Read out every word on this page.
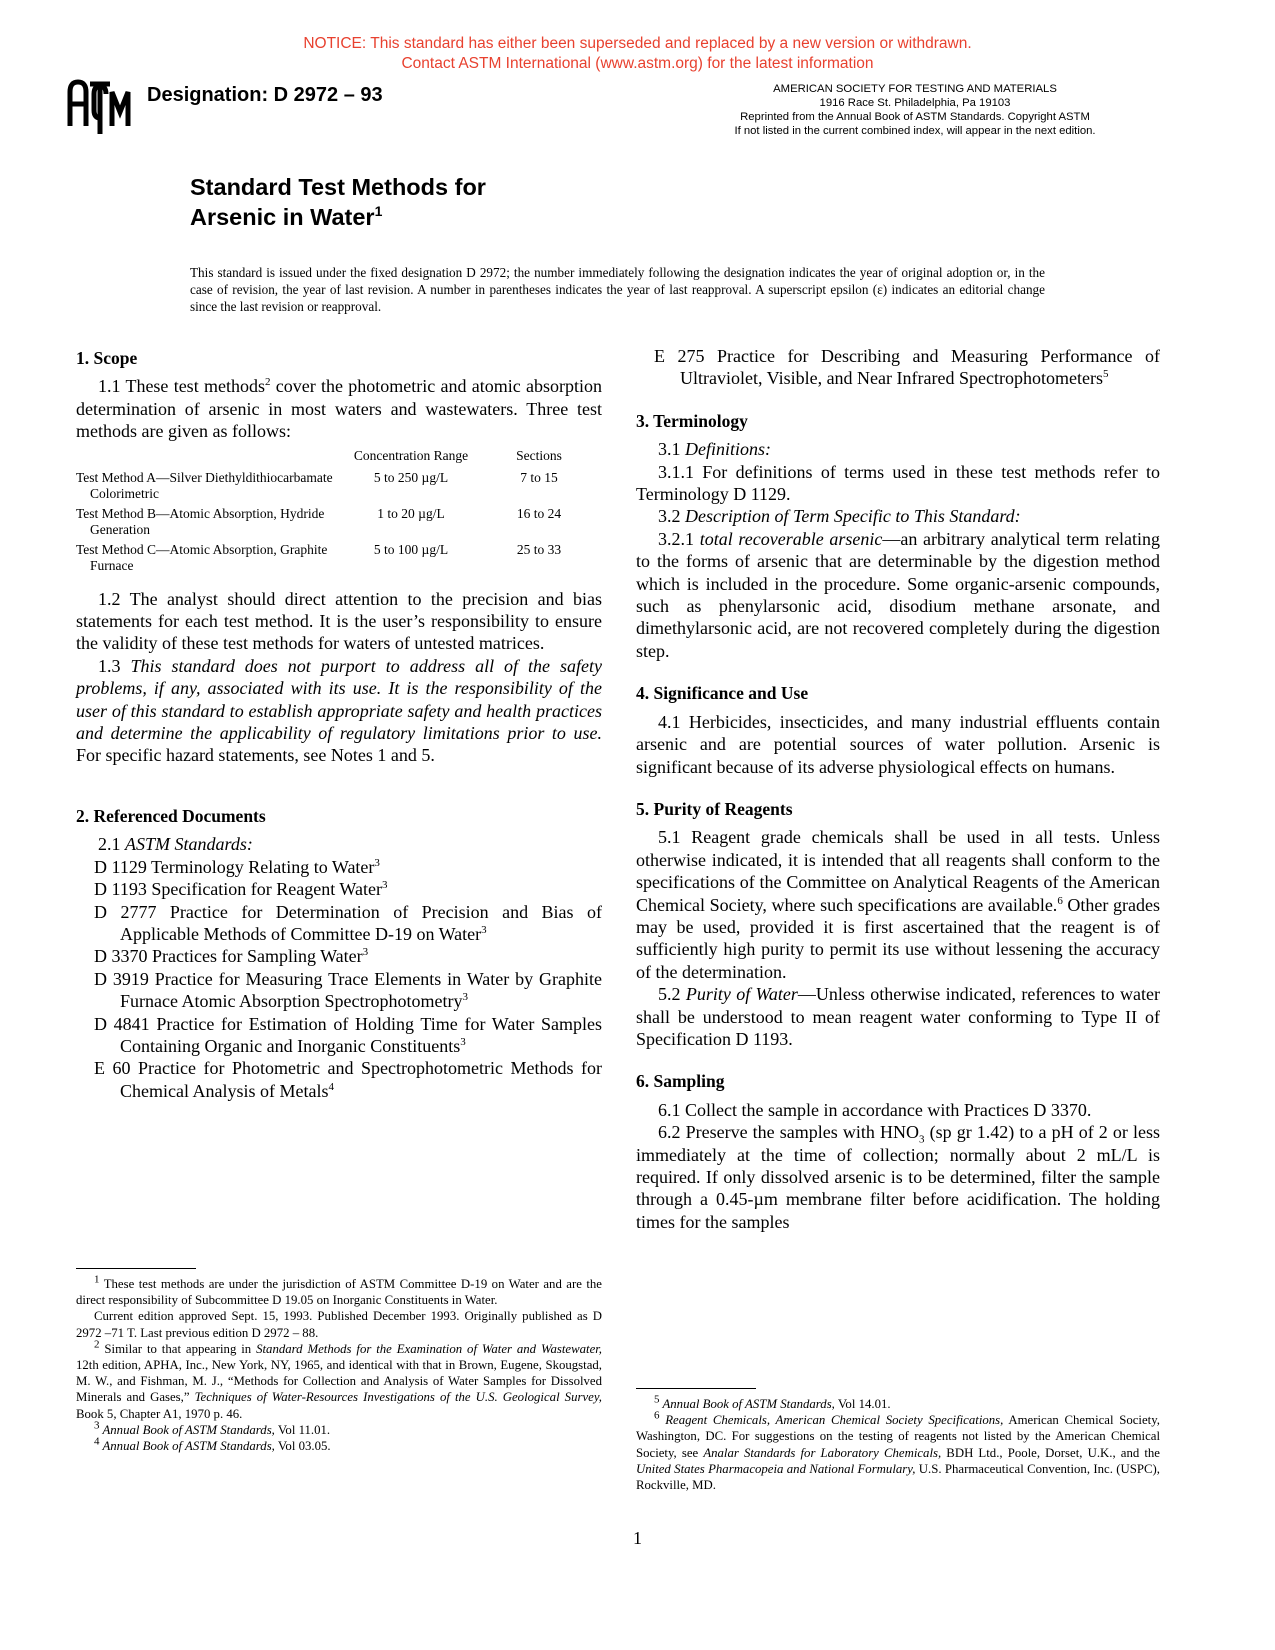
NOTICE: This standard has either been superseded and replaced by a new version or withdrawn.
Contact ASTM International (www.astm.org) for the latest information
Designation: D 2972 – 93	AMERICAN SOCIETY FOR TESTING AND MATERIALS
1916 Race St. Philadelphia, Pa 19103
Reprinted from the Annual Book of ASTM Standards. Copyright ASTM
If not listed in the current combined index, will appear in the next edition.
Standard Test Methods for
Arsenic in Water$^1$
This standard is issued under the fixed designation D 2972; the number immediately following the designation indicates the year of original adoption or, in the case of revision, the year of last revision. A number in parentheses indicates the year of last reapproval. A superscript epsilon (ε) indicates an editorial change since the last revision or reapproval.
1. Scope

1.1 These test methods$^2$ cover the photometric and atomic absorption determination of arsenic in most waters and wastewaters. Three test methods are given as follows:

	Concentration Range	Sections
Test Method A—Silver Diethyldithiocarbamate Colorimetric	5 to 250 µg/L	7 to 15
Test Method B—Atomic Absorption, Hydride Generation	1 to 20 µg/L	16 to 24
Test Method C—Atomic Absorption, Graphite Furnace	5 to 100 µg/L	25 to 33

1.2 The analyst should direct attention to the precision and bias statements for each test method. It is the user’s responsibility to ensure the validity of these test methods for waters of untested matrices.

1.3 This standard does not purport to address all of the safety problems, if any, associated with its use. It is the responsibility of the user of this standard to establish appropriate safety and health practices and determine the applicability of regulatory limitations prior to use. For specific hazard statements, see Notes 1 and 5.

2. Referenced Documents

2.1 ASTM Standards:

D 1129 Terminology Relating to Water$^3$

D 1193 Specification for Reagent Water$^3$

D 2777 Practice for Determination of Precision and Bias of Applicable Methods of Committee D-19 on Water$^3$

D 3370 Practices for Sampling Water$^3$

D 3919 Practice for Measuring Trace Elements in Water by Graphite Furnace Atomic Absorption Spectrophotometry$^3$

D 4841 Practice for Estimation of Holding Time for Water Samples Containing Organic and Inorganic Constituents$^3$

E 60 Practice for Photometric and Spectrophotometric Methods for Chemical Analysis of Metals$^4$

$^1$ These test methods are under the jurisdiction of ASTM Committee D-19 on Water and are the direct responsibility of Subcommittee D 19.05 on Inorganic Constituents in Water.

Current edition approved Sept. 15, 1993. Published December 1993. Originally published as D 2972 –71 T. Last previous edition D 2972 – 88.

$^2$ Similar to that appearing in Standard Methods for the Examination of Water and Wastewater, 12th edition, APHA, Inc., New York, NY, 1965, and identical with that in Brown, Eugene, Skougstad, M. W., and Fishman, M. J., “Methods for Collection and Analysis of Water Samples for Dissolved Minerals and Gases,” Techniques of Water-Resources Investigations of the U.S. Geological Survey, Book 5, Chapter A1, 1970 p. 46.

$^3$ Annual Book of ASTM Standards, Vol 11.01.

$^4$ Annual Book of ASTM Standards, Vol 03.05.

E 275 Practice for Describing and Measuring Performance of Ultraviolet, Visible, and Near Infrared Spectrophotometers$^5$

3. Terminology

3.1 Definitions:

3.1.1 For definitions of terms used in these test methods refer to Terminology D 1129.

3.2 Description of Term Specific to This Standard:

3.2.1 total recoverable arsenic—an arbitrary analytical term relating to the forms of arsenic that are determinable by the digestion method which is included in the procedure. Some organic-arsenic compounds, such as phenylarsonic acid, disodium methane arsonate, and dimethylarsonic acid, are not recovered completely during the digestion step.

4. Significance and Use

4.1 Herbicides, insecticides, and many industrial effluents contain arsenic and are potential sources of water pollution. Arsenic is significant because of its adverse physiological effects on humans.

5. Purity of Reagents

5.1 Reagent grade chemicals shall be used in all tests. Unless otherwise indicated, it is intended that all reagents shall conform to the specifications of the Committee on Analytical Reagents of the American Chemical Society, where such specifications are available.$^6$ Other grades may be used, provided it is first ascertained that the reagent is of sufficiently high purity to permit its use without lessening the accuracy of the determination.

5.2 Purity of Water—Unless otherwise indicated, references to water shall be understood to mean reagent water conforming to Type II of Specification D 1193.

6. Sampling

6.1 Collect the sample in accordance with Practices D 3370.

6.2 Preserve the samples with $HNO_3$ (sp gr 1.42) to a pH of 2 or less immediately at the time of collection; normally about 2 mL/L is required. If only dissolved arsenic is to be determined, filter the sample through a 0.45-µm membrane filter before acidification. The holding times for the samples

$^5$ Annual Book of ASTM Standards, Vol 14.01.

$^6$ Reagent Chemicals, American Chemical Society Specifications, American Chemical Society, Washington, DC. For suggestions on the testing of reagents not listed by the American Chemical Society, see Analar Standards for Laboratory Chemicals, BDH Ltd., Poole, Dorset, U.K., and the United States Pharmacopeia and National Formulary, U.S. Pharmaceutical Convention, Inc. (USPC), Rockville, MD.

1
